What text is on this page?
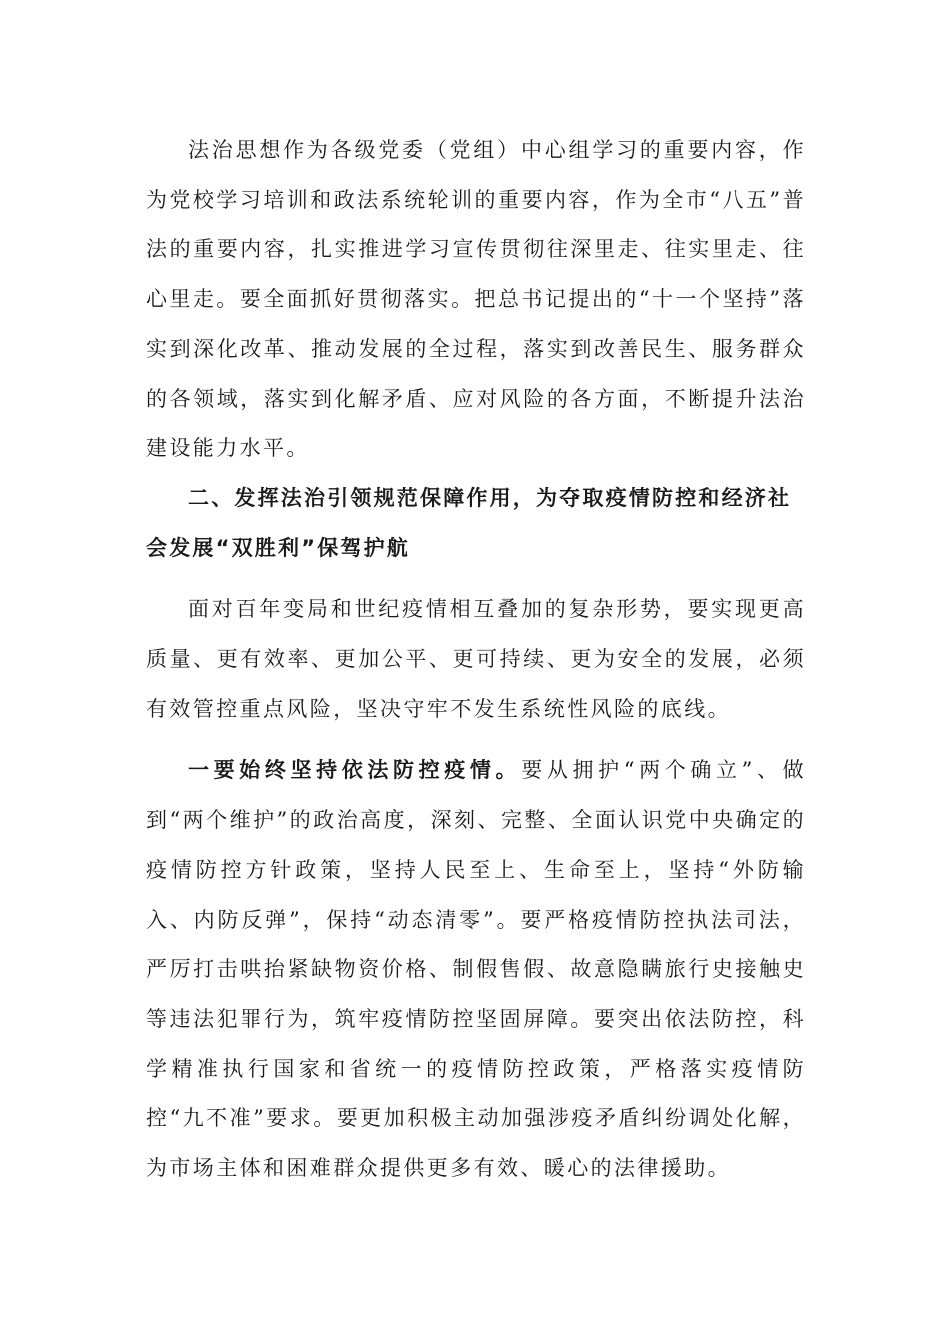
法治思想作为各级党委（党组）中心组学习的重要内容，作为党校学习培训和政法系统轮训的重要内容，作为全市“八五”普法的重要内容，扎实推进学习宣传贯彻往深里走、往实里走、往心里走。要全面抓好贯彻落实。把总书记提出的“十一个坚持”落实到深化改革、推动发展的全过程，落实到改善民生、服务群众的各领域，落实到化解矛盾、应对风险的各方面，不断提升法治建设能力水平。

二、发挥法治引领规范保障作用，为夺取疫情防控和经济社会发展“双胜利”保驾护航

面对百年变局和世纪疫情相互叠加的复杂形势，要实现更高质量、更有效率、更加公平、更可持续、更为安全的发展，必须有效管控重点风险，坚决守牢不发生系统性风险的底线。

一要始终坚持依法防控疫情。要从拥护“两个确立”、做到“两个维护”的政治高度，深刻、完整、全面认识党中央确定的疫情防控方针政策，坚持人民至上、生命至上，坚持“外防输入、内防反弹”，保持“动态清零”。要严格疫情防控执法司法，严厉打击哄抬紧缺物资价格、制假售假、故意隐瞒旅行史接触史等违法犯罪行为，筑牢疫情防控坚固屏障。要突出依法防控，科学精准执行国家和省统一的疫情防控政策，严格落实疫情防控“九不准”要求。要更加积极主动加强涉疫矛盾纠纷调处化解，为市场主体和困难群众提供更多有效、暖心的法律援助。
